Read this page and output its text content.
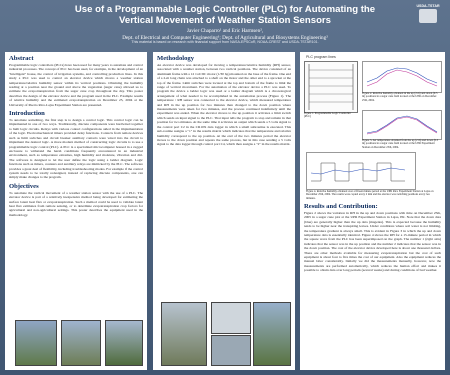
Use of a Programmable Logic Controller (PLC) for Automating the Vertical Movement of Weather Station Sensors
Javier Chaparro¹ and Eric Harmsen²,
Dept. of Electrical and Computer Engineering¹; Dept. of Agricultural and Biosystems Engineering²
This material is based on research with financial support from NASA-EPSCoR, NOAA-CREST and USDA-TSTAR101.
USDA-TSTAR
Abstract

Programmable logic controllers (PLCs) have been used for many years to automate and control industrial processes. The concept of PLC has been used, for example, in the development of an "intelligent" house, the control of irrigation systems, and controlling production lines. In this study a PLC was used to control an elevator device which moves a weather station temperature/relative humidity sensor within its vertical positions. Obtaining the humidity reading at a position near the ground and above the vegetation (sugar cane) allowed us to estimate the evapotranspiration from the sugar cane crop throughout the day. This poster describes the design of the elevator device and the program used in the PLC. Example results of relative humidity and the estimated evapotranspiration on December 25, 2004 at the University of Puerto Rico-Lajas Experiment Station are presented.

Introduction

To automate something, the first step is to design a control logic. This control logic can be implemented in one of two ways. Traditionally, discrete components were hardwired together to built logic circuits. Relays with various contact configurations aided in the implementation of the logic. Electromechanical timers provided delay functions. Contacts from remote devices such as limit switches and circuit breaker auxiliary contacts were wired into the circuit to implement the desired logic. A more modern method of constructing logic circuits is to use a programmable logic control (PLC). A PLC is a specialized microcomputer housed in a rugged enclosure to withstand the harsh conditions frequently encountered in an industrial environment, such as temperature extremes, high humidity and moisture, vibration and dirt. The software is designed to let the user define the logic using a ladder diagram. Logic functions such as timers, counters and auxiliary relays are mimicked by the PLC. The software provides a great deal of flexibility, including troubleshooting modes. For example if the control system needs to be totally redesigned, instead of replacing discrete components, one can simply make changes to the program.

Objectives

To automate the vertical movement of a weather station sensor with the use of a PLC. The elevator device is part of a relatively inexpensive method being developed for estimating the surface latent heat flux or evapotranspiration. Such a method could be used to validate latent heat flux estimates from remote sensing, or to determine evapotranspiration crop factors for agricultural and non-agricultural settings. This poster describes the equipment used in the methodology.

Methodology

An elevator device was developed for moving a temperature/relative humidity (RH) sensor, associated with a weather station, between two vertical positions. The device consisted of an aluminum frame with a 12 volt DC motor (1/30 hp) mounted on the base of the frame. One end of a 2-m long chain was attached to a shaft on the motor and the other end to a sprocket at the top of the frame. Limit switches were located at the top and bottom of the frame to limit the range of vertical movement. For the automation of the elevator device a PLC was used. To program the device a ladder logic was used or a ladder diagram which is a chronological arrangement of what needed to be accomplished in the automation process (Figure 1). The temperature / RH sensor was connected to the elevator device, which measured temperature and RH in the up position for two minutes then changed to the down position where measurements were taken for two minutes, and the process continued indefinitely until the experiment was ended. When the elevator moves to the up position it activates a limit switch which sends an input signal to the PLC. That input tells the program to stop and remain in that position for two minutes. At the same time it activates an output which sends a 5 volts signal to the control port C2 in the CR10X data logger in which a small subroutine is executed. This sub-routine assigns a "1" in the results matrix which indicates that the temperature and relative humidity correspond to the up position. At the end of the two minutes period the elevator moves to the down position and repeats the same process, but in this case sending a 5 volts signal to the data logger through control port C4, which then assigns a "2" in the results matrix.

PLC program lines
Figure 1. Programmable Logic Controller (PLC)
Figure 2. Relative humidity obtained in the up (2 m) and down (0.5 m) positions in a sugar cane field located at the UPR on December 25th, 2004.
Figure 3. Air temperature obtained from the up (2 m) and down (0.5 m) positions in a sugar cane field located at the UPR Experiment Station on December 25th, 2004.
Figure 4. Relative humidity obtained over a fifteen minute period at the UPR Rico Experiment Station at Lajas on December 25th, 2004. The results were copied every 2 min and the elevator was switching positions every two minutes.
Results and Contribution:

Figure 2 shows the variation in RH in the up and down positions with time on December 25th, 2005 in a sugar cane plot at the UPR Experiment Station in Lajas, PR. Note that the down data (blue) are generally higher than the up data (magenta). This is expected because the humidity tends to be higher near the transpiring leaves. Under conditions where soil water is not limiting, the temperature gradient is always small. This is evident in Figure 3 in which the up and down temperature data is essentially identical. Figure 4 shows the RH for a 15-minute period in which the square wave from the PLC has been superimposed on the graph. The number 1 (right axis) indicates that the sensor was in the up position and the number 2 indicates that the sensor was in the down position. The cost of the elevator device developed here is about one thousand dollars. There are other methods available for measuring evapotranspiration but the cost of such equipment is about four to five times the cost of our equipment. Also the equipment reduces the manual labor considerably. Initially we did the measurements manually, however, now the measurements are performed automatically, which reduces the human effort and makes it possible to obtain data over long periods (several weeks) and during conditions of bad weather.
